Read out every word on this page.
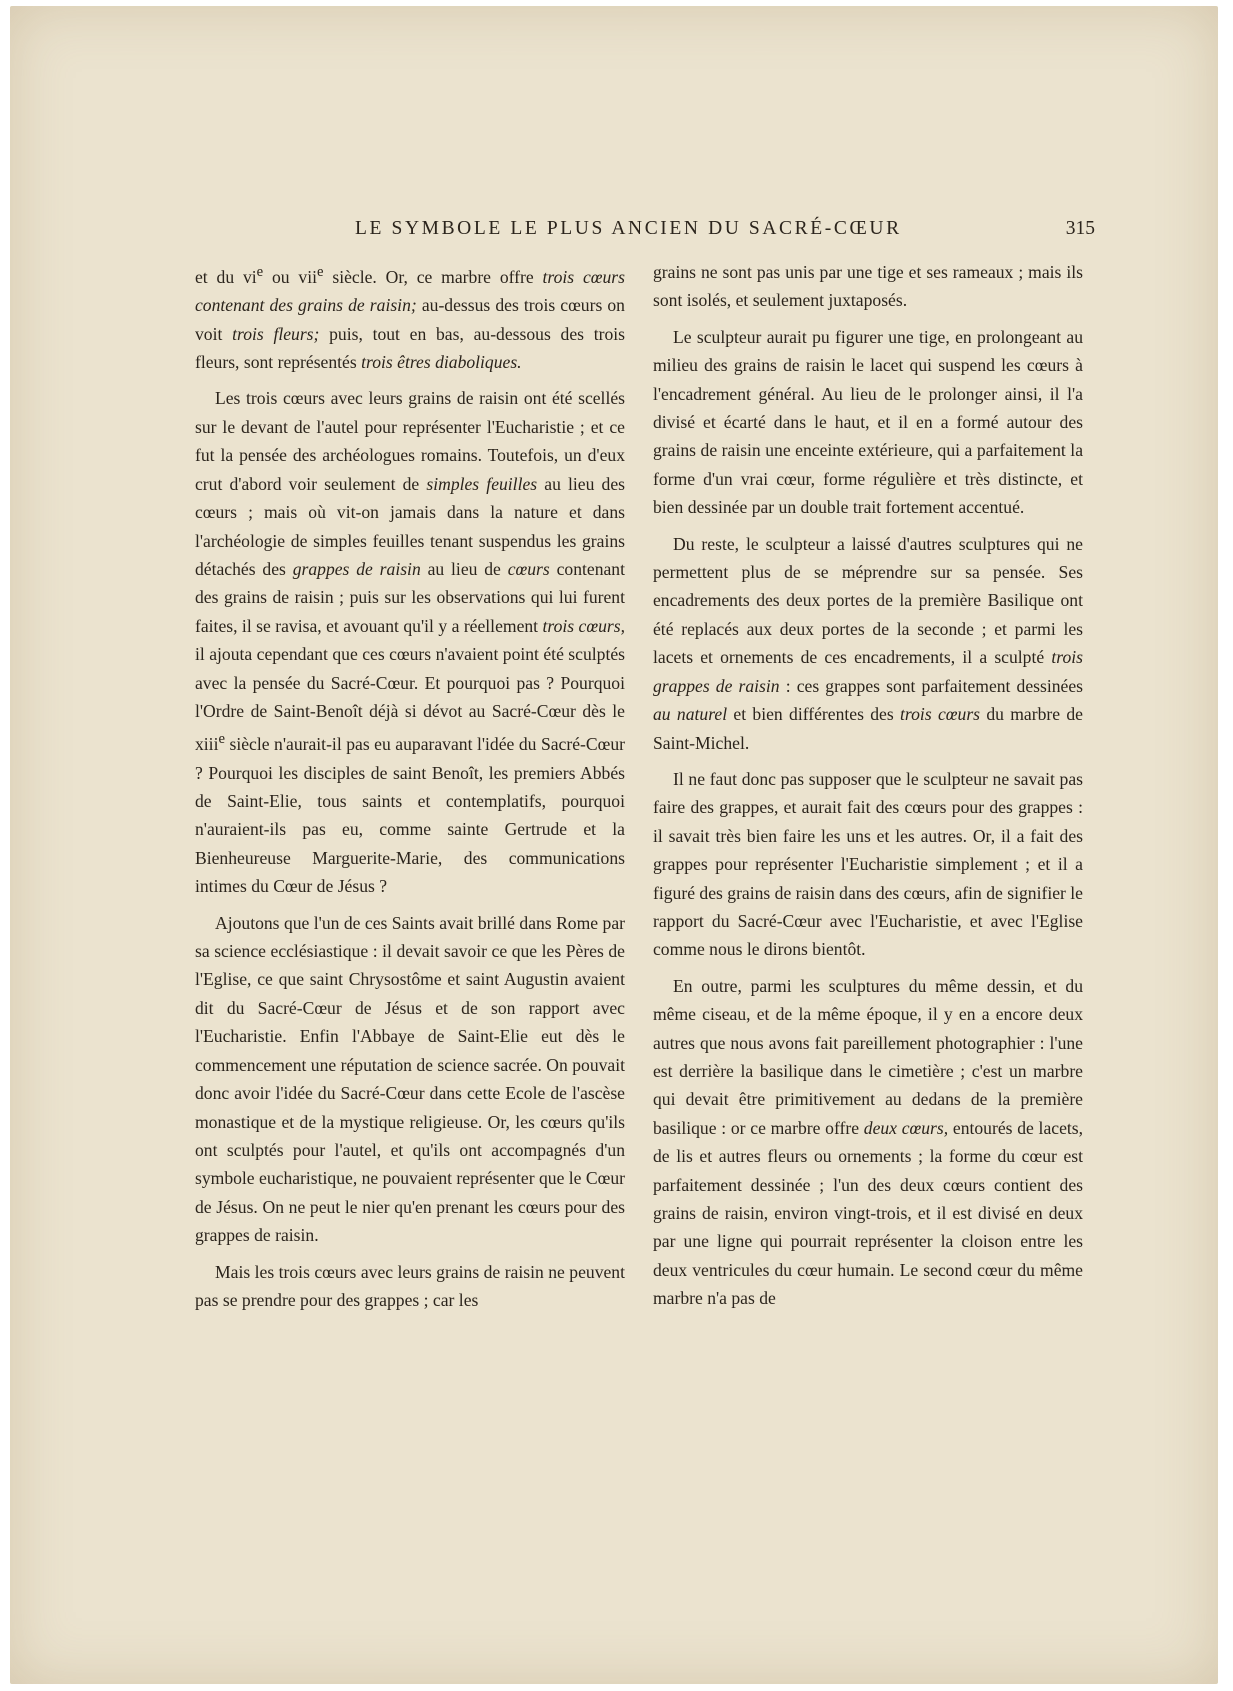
LE SYMBOLE LE PLUS ANCIEN DU SACRÉ-CŒUR	315

et du $vi^e$ ou vii$^e$ siècle. Or, ce marbre offre trois cœurs contenant des grains de raisin; au-dessus des trois cœurs on voit trois fleurs; puis, tout en bas, au-dessous des trois fleurs, sont représentés trois êtres diaboliques.

Les trois cœurs avec leurs grains de raisin ont été scellés sur le devant de l'autel pour représenter l'Eucharistie ; et ce fut la pensée des archéologues romains. Toutefois, un d'eux crut d'abord voir seulement de simples feuilles au lieu des cœurs ; mais où vit-on jamais dans la nature et dans l'archéologie de simples feuilles tenant suspendus les grains détachés des grappes de raisin au lieu de cœurs contenant des grains de raisin ; puis sur les observations qui lui furent faites, il se ravisa, et avouant qu'il y a réellement trois cœurs, il ajouta cependant que ces cœurs n'avaient point été sculptés avec la pensée du Sacré-Cœur. Et pourquoi pas ? Pourquoi l'Ordre de Saint-Benoît déjà si dévot au Sacré-Cœur dès le xiii$^e$ siècle n'aurait-il pas eu auparavant l'idée du Sacré-Cœur ? Pourquoi les disciples de saint Benoît, les premiers Abbés de Saint-Elie, tous saints et contemplatifs, pourquoi n'auraient-ils pas eu, comme sainte Gertrude et la Bienheureuse Marguerite-Marie, des communications intimes du Cœur de Jésus ?

Ajoutons que l'un de ces Saints avait brillé dans Rome par sa science ecclésiastique : il devait savoir ce que les Pères de l'Eglise, ce que saint Chrysostôme et saint Augustin avaient dit du Sacré-Cœur de Jésus et de son rapport avec l'Eucharistie. Enfin l'Abbaye de Saint-Elie eut dès le commencement une réputation de science sacrée. On pouvait donc avoir l'idée du Sacré-Cœur dans cette Ecole de l'ascèse monastique et de la mystique religieuse. Or, les cœurs qu'ils ont sculptés pour l'autel, et qu'ils ont accompagnés d'un symbole eucharistique, ne pouvaient représenter que le Cœur de Jésus. On ne peut le nier qu'en prenant les cœurs pour des grappes de raisin.

Mais les trois cœurs avec leurs grains de raisin ne peuvent pas se prendre pour des grappes ; car les

grains ne sont pas unis par une tige et ses rameaux ; mais ils sont isolés, et seulement juxtaposés.

Le sculpteur aurait pu figurer une tige, en prolongeant au milieu des grains de raisin le lacet qui suspend les cœurs à l'encadrement général. Au lieu de le prolonger ainsi, il l'a divisé et écarté dans le haut, et il en a formé autour des grains de raisin une enceinte extérieure, qui a parfaitement la forme d'un vrai cœur, forme régulière et très distincte, et bien dessinée par un double trait fortement accentué.

Du reste, le sculpteur a laissé d'autres sculptures qui ne permettent plus de se méprendre sur sa pensée. Ses encadrements des deux portes de la première Basilique ont été replacés aux deux portes de la seconde ; et parmi les lacets et ornements de ces encadrements, il a sculpté trois grappes de raisin : ces grappes sont parfaitement dessinées au naturel et bien différentes des trois cœurs du marbre de Saint-Michel.

Il ne faut donc pas supposer que le sculpteur ne savait pas faire des grappes, et aurait fait des cœurs pour des grappes : il savait très bien faire les uns et les autres. Or, il a fait des grappes pour représenter l'Eucharistie simplement ; et il a figuré des grains de raisin dans des cœurs, afin de signifier le rapport du Sacré-Cœur avec l'Eucharistie, et avec l'Eglise comme nous le dirons bientôt.

En outre, parmi les sculptures du même dessin, et du même ciseau, et de la même époque, il y en a encore deux autres que nous avons fait pareillement photographier : l'une est derrière la basilique dans le cimetière ; c'est un marbre qui devait être primitivement au dedans de la première basilique : or ce marbre offre deux cœurs, entourés de lacets, de lis et autres fleurs ou ornements ; la forme du cœur est parfaitement dessinée ; l'un des deux cœurs contient des grains de raisin, environ vingt-trois, et il est divisé en deux par une ligne qui pourrait représenter la cloison entre les deux ventricules du cœur humain. Le second cœur du même marbre n'a pas de
